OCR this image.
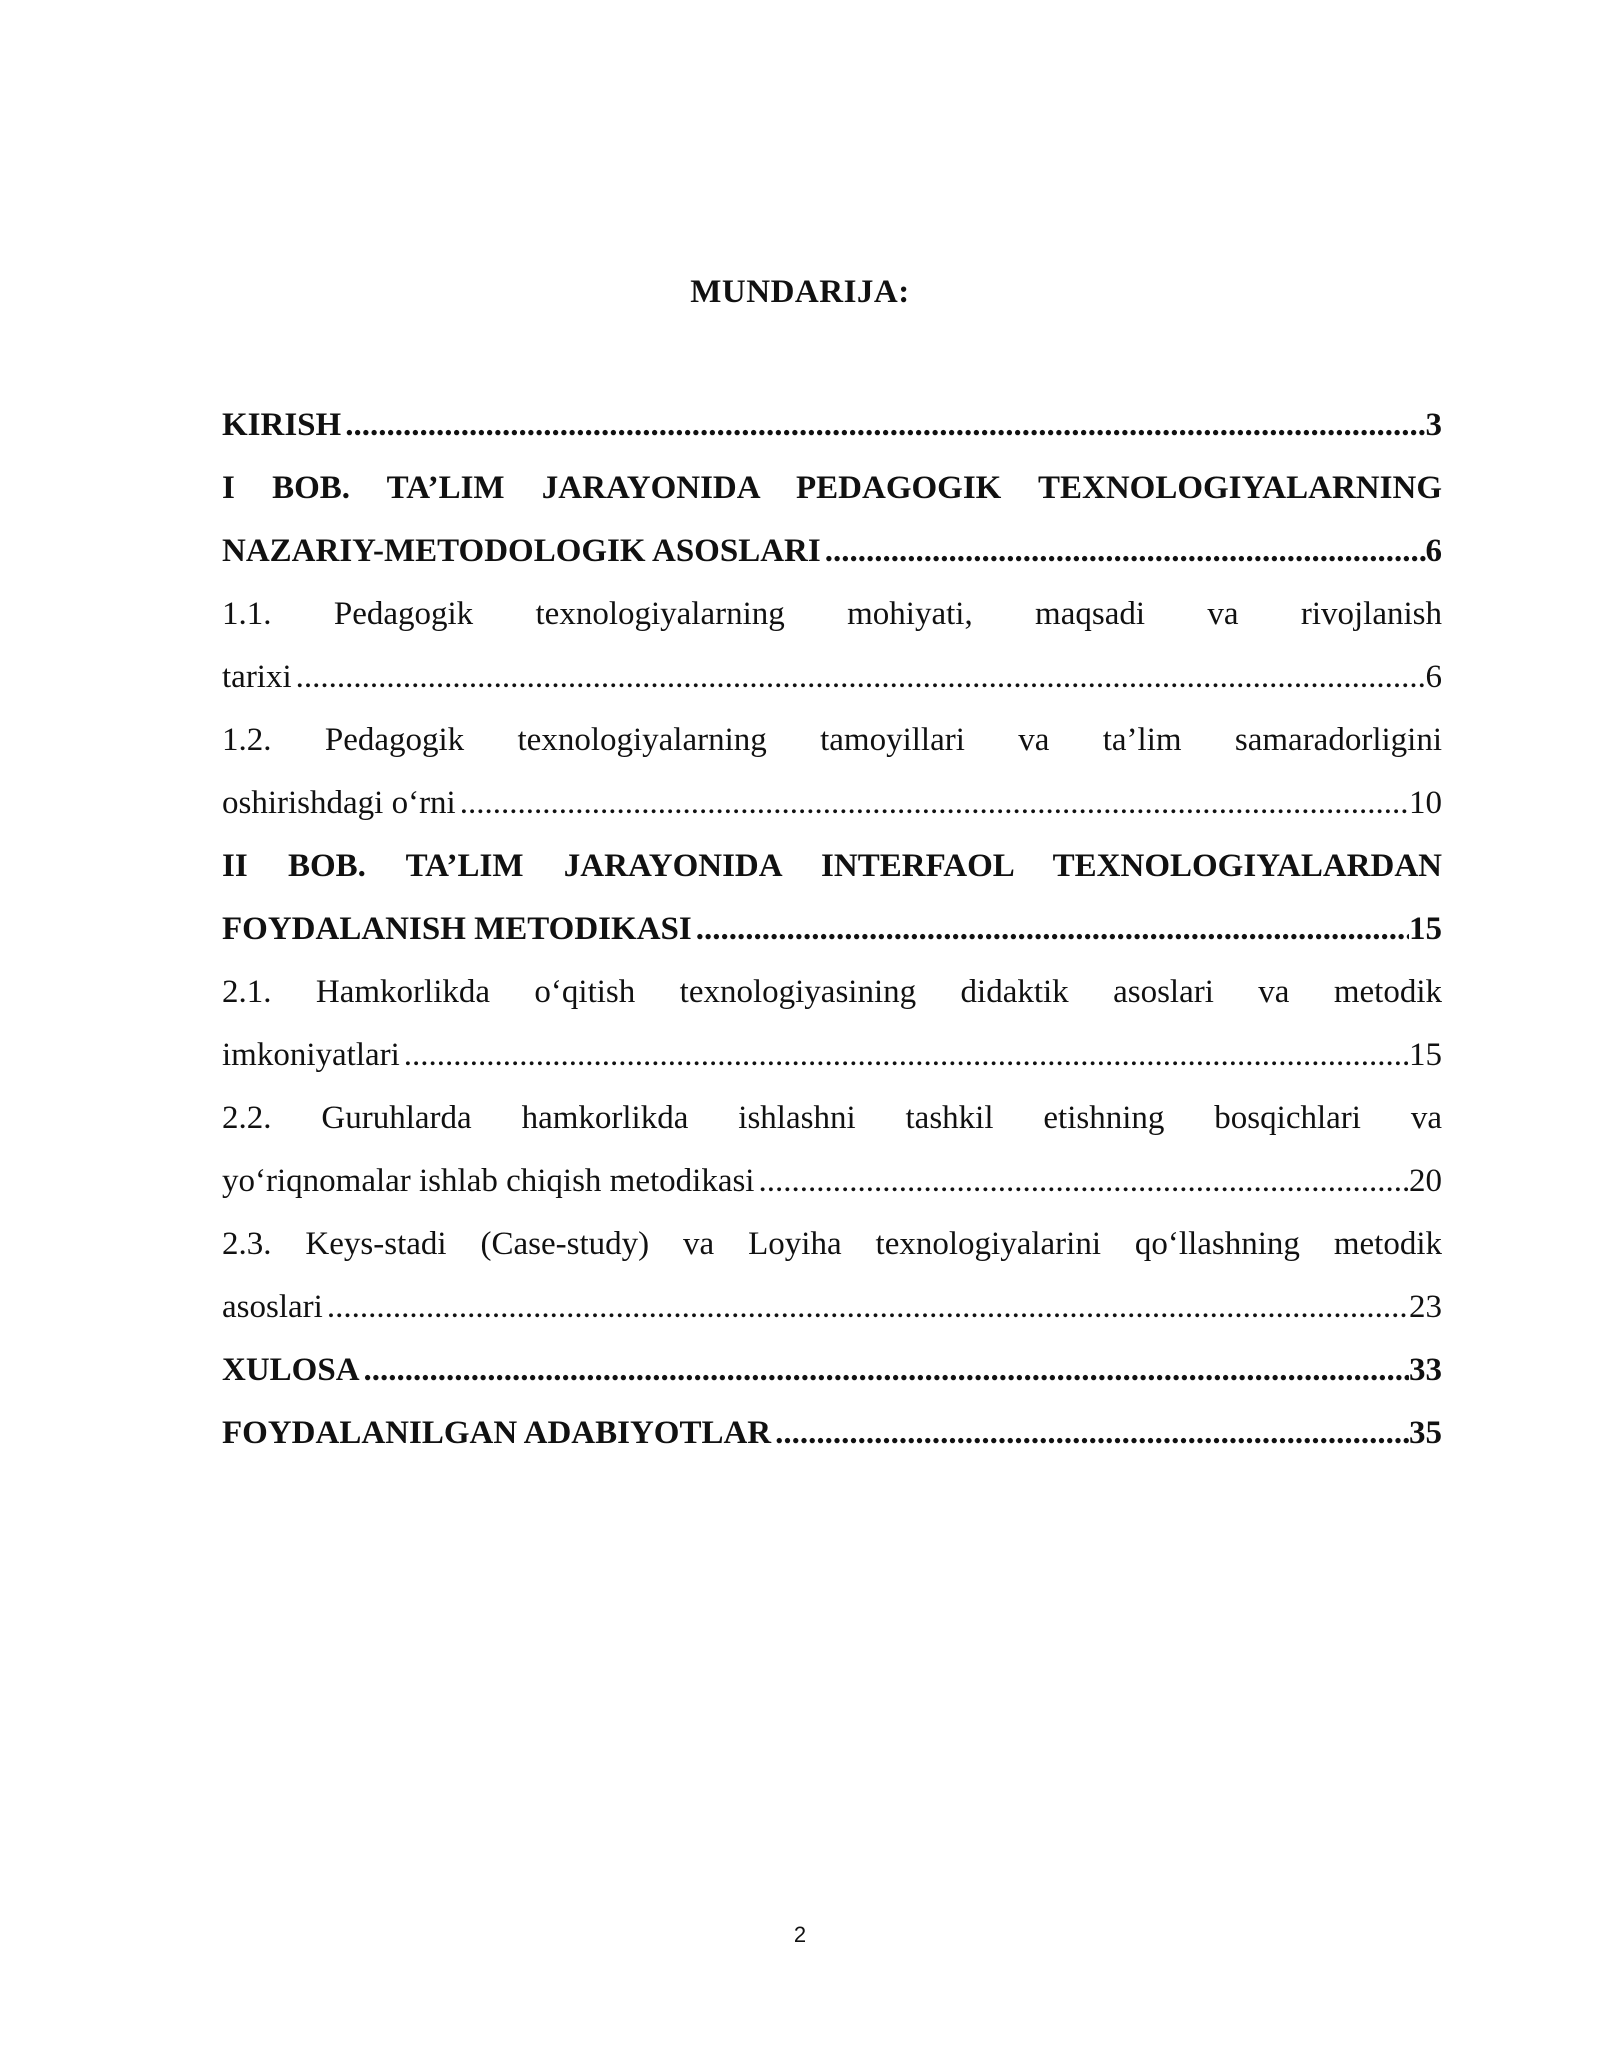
MUNDARIJA:
KIRISH .....	3
I BOB. TA’LIM JARAYONIDA PEDAGOGIK TEXNOLOGIYALARNING
NAZARIY-METODOLOGIK ASOSLARI .....	6
1.1. Pedagogik texnologiyalarning mohiyati, maqsadi va rivojlanish
tarixi .....	6
1.2. Pedagogik texnologiyalarning tamoyillari va ta’lim samaradorligini
oshirishdagi o‘rni .....	10
II BOB. TA’LIM JARAYONIDA INTERFAOL TEXNOLOGIYALARDAN
FOYDALANISH METODIKASI .....	15
2.1. Hamkorlikda o‘qitish texnologiyasining didaktik asoslari va metodik
imkoniyatlari .....	15
2.2. Guruhlarda hamkorlikda ishlashni tashkil etishning bosqichlari va
yo‘riqnomalar ishlab chiqish metodikasi .....	20
2.3. Keys-stadi (Case-study) va Loyiha texnologiyalarini qo‘llashning metodik
asoslari .....	23
XULOSA .....	33
FOYDALANILGAN ADABIYOTLAR .....	35
2
